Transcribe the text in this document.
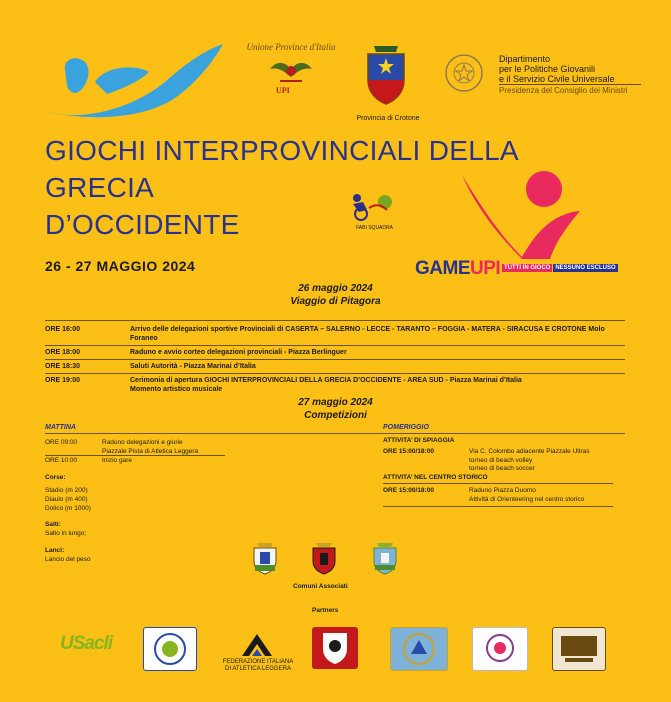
Unione Province d'Italia
UPI
Provincia di Crotone
Dipartimento
per le Politiche Giovanili
e il Servizio Civile Universale
Presidenza del Consiglio dei Ministri
GIOCHI INTERPROVINCIALI DELLA
GRECIA
D’OCCIDENTE
26 - 27 MAGGIO 2024
FABI SQUADRA
GAMEUPI TUTTI IN GIOCO NESSUNO ESCLUSO
26 maggio 2024
Viaggio di Pitagora
ORE 16:00	Arrivo delle delegazioni sportive Provinciali di CASERTA – SALERNO - LECCE - TARANTO – FOGGIA - MATERA - SIRACUSA E CROTONE Molo Foraneo
ORE 18:00	Raduno e avvio corteo delegazioni provinciali - Piazza Berlinguer
ORE 18:30	Saluti Autorità - Piazza Marinai d’Italia
ORE 19:00	Cerimonia di apertura GIOCHI INTERPROVINCIALI DELLA GRECIA D’OCCIDENTE - AREA SUD - Piazza Marinai d’Italia
Momento artistico musicale
27 maggio 2024
Competizioni
MATTINA	POMERIGGIO
ORE 09:00	Raduno delegazioni e giurie
Piazzale Pista di Atletica Leggera
ORE 10:00	Inizio gare
Corse:
Stadio (m 200)
Diaulo (m 400)
Dolico (m 1000)
Salti:
Salto in lungo;
Lanci:
Lancio del peso
ATTIVITA’ DI SPIAGGIA
ORE 15:00/18:00	Via C. Colombo adiacente Piazzale Ultras
torneo di beach volley
torneo di beach soccer
ATTIVITA’ NEL CENTRO STORICO
ORE 15:00/18:00	Raduno Piazza Duomo
Attività di Orienteering nel centro storico
Comuni Associati
Partners
USacli
FEDERAZIONE ITALIANA
DI ATLETICA LEGGERA
